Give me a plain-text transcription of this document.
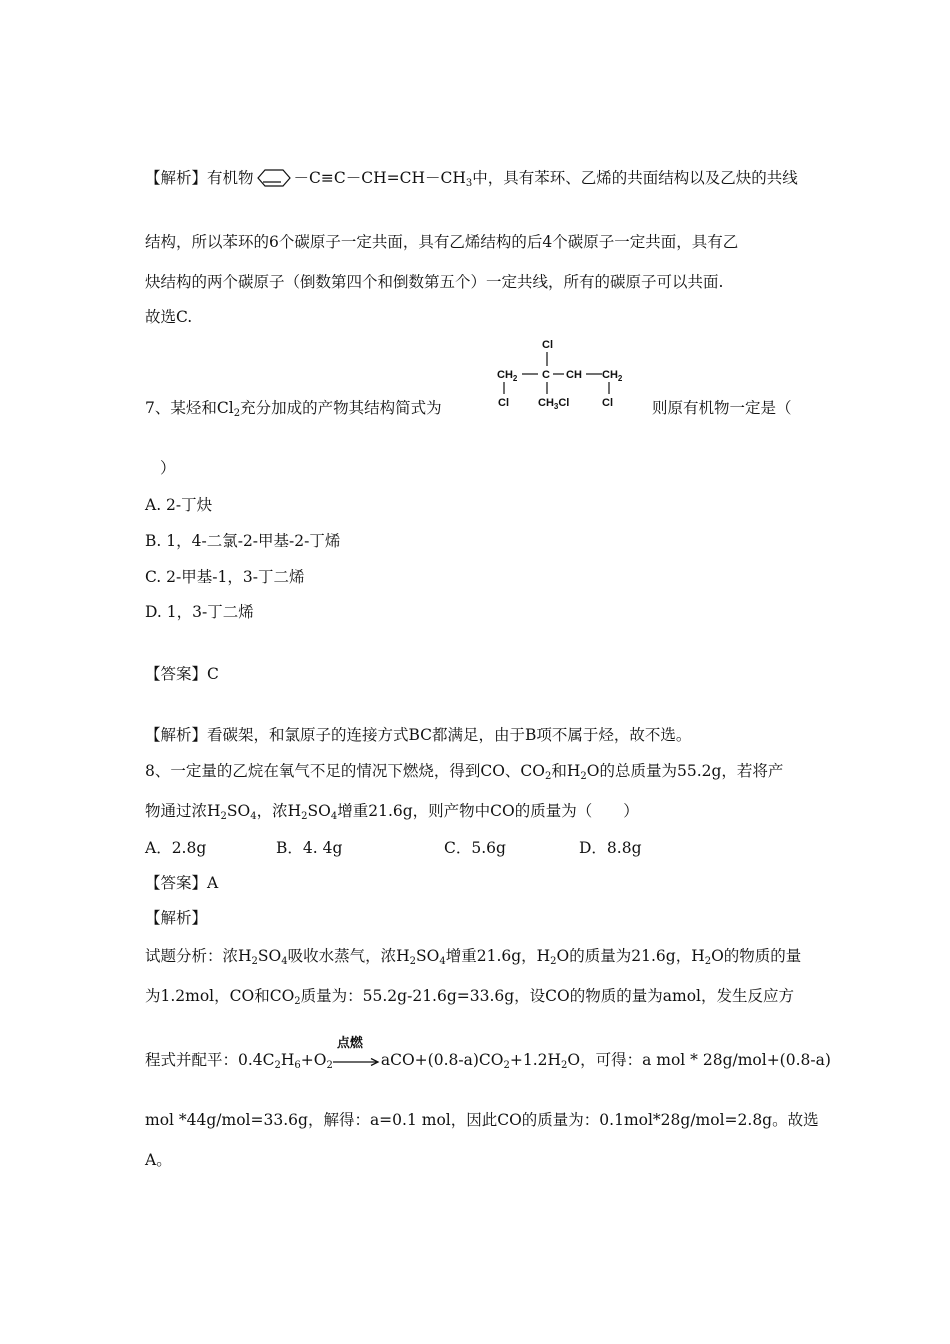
【解析】有机物	$-C\equiv C-CH=CH-CH_3$中，具有苯环、乙烯的共面结构以及乙炔的共线
结构，所以苯环的6个碳原子一定共面，具有乙烯结构的后4个碳原子一定共面，具有乙
炔结构的两个碳原子（倒数第四个和倒数第五个）一定共线，所有的碳原子可以共面.
故选C.
Cl
$CH_2$ C CH $CH_2$
Cl	$CH_3Cl$	Cl
7、某烃和$Cl_2$充分加成的产物其结构简式为	则原有机物一定是（
）
A. 2-丁炔
B. 1，4-二氯-2-甲基-2-丁烯
C. 2-甲基-1，3-丁二烯
D. 1，3-丁二烯
【答案】C
【解析】看碳架，和氯原子的连接方式BC都满足，由于B项不属于烃，故不选。
8、一定量的乙烷在氧气不足的情况下燃烧，得到CO、$CO_2$和$H_2O$的总质量为55.2g，若将产
物通过浓$H_2SO_4$，浓$H_2SO_4$增重21.6g，则产物中CO的质量为（　　）
A．2.8g	B．4. 4g	C．5.6g	D．8.8g
【答案】A
【解析】
试题分析：浓$H_2SO_4$吸收水蒸气，浓$H_2SO_4$增重21.6g，$H_2O$的质量为21.6g，$H_2O$的物质的量
为1.2mol，CO和$CO_2$质量为：55.2g-21.6g=33.6g，设CO的物质的量为amol，发生反应方
程式并配平：$0.4C_2H_6+O_2$
点燃
$aCO+(0.8-a)CO_2+1.2H_2O$，可得：a mol * 28g/mol+(0.8-a)
mol *44g/mol=33.6g，解得：a=0.1 mol，因此CO的质量为：0.1mol*28g/mol=2.8g。故选
A。
